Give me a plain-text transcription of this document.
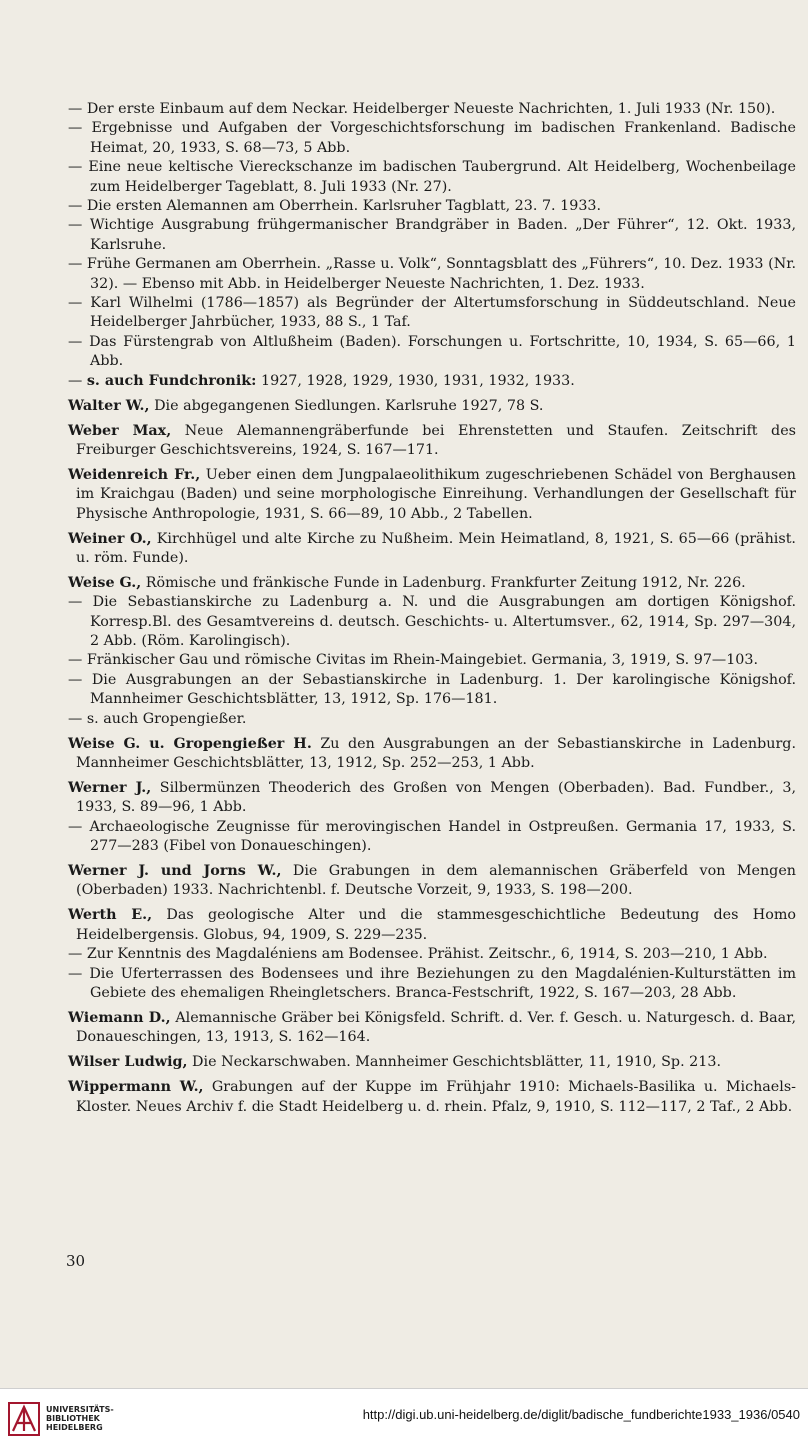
— Der erste Einbaum auf dem Neckar. Heidelberger Neueste Nachrichten, 1. Juli 1933 (Nr. 150).

— Ergebnisse und Aufgaben der Vorgeschichtsforschung im badischen Frankenland. Badische Heimat, 20, 1933, S. 68—73, 5 Abb.

— Eine neue keltische Viereckschanze im badischen Taubergrund. Alt Heidelberg, Wochenbeilage zum Heidelberger Tageblatt, 8. Juli 1933 (Nr. 27).

— Die ersten Alemannen am Oberrhein. Karlsruher Tagblatt, 23. 7. 1933.

— Wichtige Ausgrabung frühgermanischer Brandgräber in Baden. „Der Führer“, 12. Okt. 1933, Karlsruhe.

— Frühe Germanen am Oberrhein. „Rasse u. Volk“, Sonntagsblatt des „Führers“, 10. Dez. 1933 (Nr. 32). — Ebenso mit Abb. in Heidelberger Neueste Nachrichten, 1. Dez. 1933.

— Karl Wilhelmi (1786—1857) als Begründer der Altertumsforschung in Süddeutschland. Neue Heidelberger Jahrbücher, 1933, 88 S., 1 Taf.

— Das Fürstengrab von Altlußheim (Baden). Forschungen u. Fortschritte, 10, 1934, S. 65—66, 1 Abb.

— s. auch Fundchronik: 1927, 1928, 1929, 1930, 1931, 1932, 1933.

Walter W., Die abgegangenen Siedlungen. Karlsruhe 1927, 78 S.

Weber Max, Neue Alemannengräberfunde bei Ehrenstetten und Staufen. Zeitschrift des Freiburger Geschichtsvereins, 1924, S. 167—171.

Weidenreich Fr., Ueber einen dem Jungpalaeolithikum zugeschriebenen Schädel von Berghausen im Kraichgau (Baden) und seine morphologische Einreihung. Verhandlungen der Gesellschaft für Physische Anthropologie, 1931, S. 66—89, 10 Abb., 2 Tabellen.

Weiner O., Kirchhügel und alte Kirche zu Nußheim. Mein Heimatland, 8, 1921, S. 65—66 (prähist. u. röm. Funde).

Weise G., Römische und fränkische Funde in Ladenburg. Frankfurter Zeitung 1912, Nr. 226.

— Die Sebastianskirche zu Ladenburg a. N. und die Ausgrabungen am dortigen Königshof. Korresp.Bl. des Gesamtvereins d. deutsch. Geschichts- u. Altertumsver., 62, 1914, Sp. 297—304, 2 Abb. (Röm. Karolingisch).

— Fränkischer Gau und römische Civitas im Rhein-Maingebiet. Germania, 3, 1919, S. 97—103.

— Die Ausgrabungen an der Sebastianskirche in Ladenburg. 1. Der karolingische Königshof. Mannheimer Geschichtsblätter, 13, 1912, Sp. 176—181.

— s. auch Gropengießer.

Weise G. u. Gropengießer H. Zu den Ausgrabungen an der Sebastianskirche in Ladenburg. Mannheimer Geschichtsblätter, 13, 1912, Sp. 252—253, 1 Abb.

Werner J., Silbermünzen Theoderich des Großen von Mengen (Oberbaden). Bad. Fundber., 3, 1933, S. 89—96, 1 Abb.

— Archaeologische Zeugnisse für merovingischen Handel in Ostpreußen. Germania 17, 1933, S. 277—283 (Fibel von Donaueschingen).

Werner J. und Jorns W., Die Grabungen in dem alemannischen Gräberfeld von Mengen (Oberbaden) 1933. Nachrichtenbl. f. Deutsche Vorzeit, 9, 1933, S. 198—200.

Werth E., Das geologische Alter und die stammesgeschichtliche Bedeutung des Homo Heidelbergensis. Globus, 94, 1909, S. 229—235.

— Zur Kenntnis des Magdaléniens am Bodensee. Prähist. Zeitschr., 6, 1914, S. 203—210, 1 Abb.

— Die Uferterrassen des Bodensees und ihre Beziehungen zu den Magdalénien-Kulturstätten im Gebiete des ehemaligen Rheingletschers. Branca-Festschrift, 1922, S. 167—203, 28 Abb.

Wiemann D., Alemannische Gräber bei Königsfeld. Schrift. d. Ver. f. Gesch. u. Naturgesch. d. Baar, Donaueschingen, 13, 1913, S. 162—164.

Wilser Ludwig, Die Neckarschwaben. Mannheimer Geschichtsblätter, 11, 1910, Sp. 213.

Wippermann W., Grabungen auf der Kuppe im Frühjahr 1910: Michaels-Basilika u. Michaels-Kloster. Neues Archiv f. die Stadt Heidelberg u. d. rhein. Pfalz, 9, 1910, S. 112—117, 2 Taf., 2 Abb.

30
UNIVERSITÄTS-
BIBLIOTHEK
HEIDELBERG
http://digi.ub.uni-heidelberg.de/diglit/badische_fundberichte1933_1936/0540
